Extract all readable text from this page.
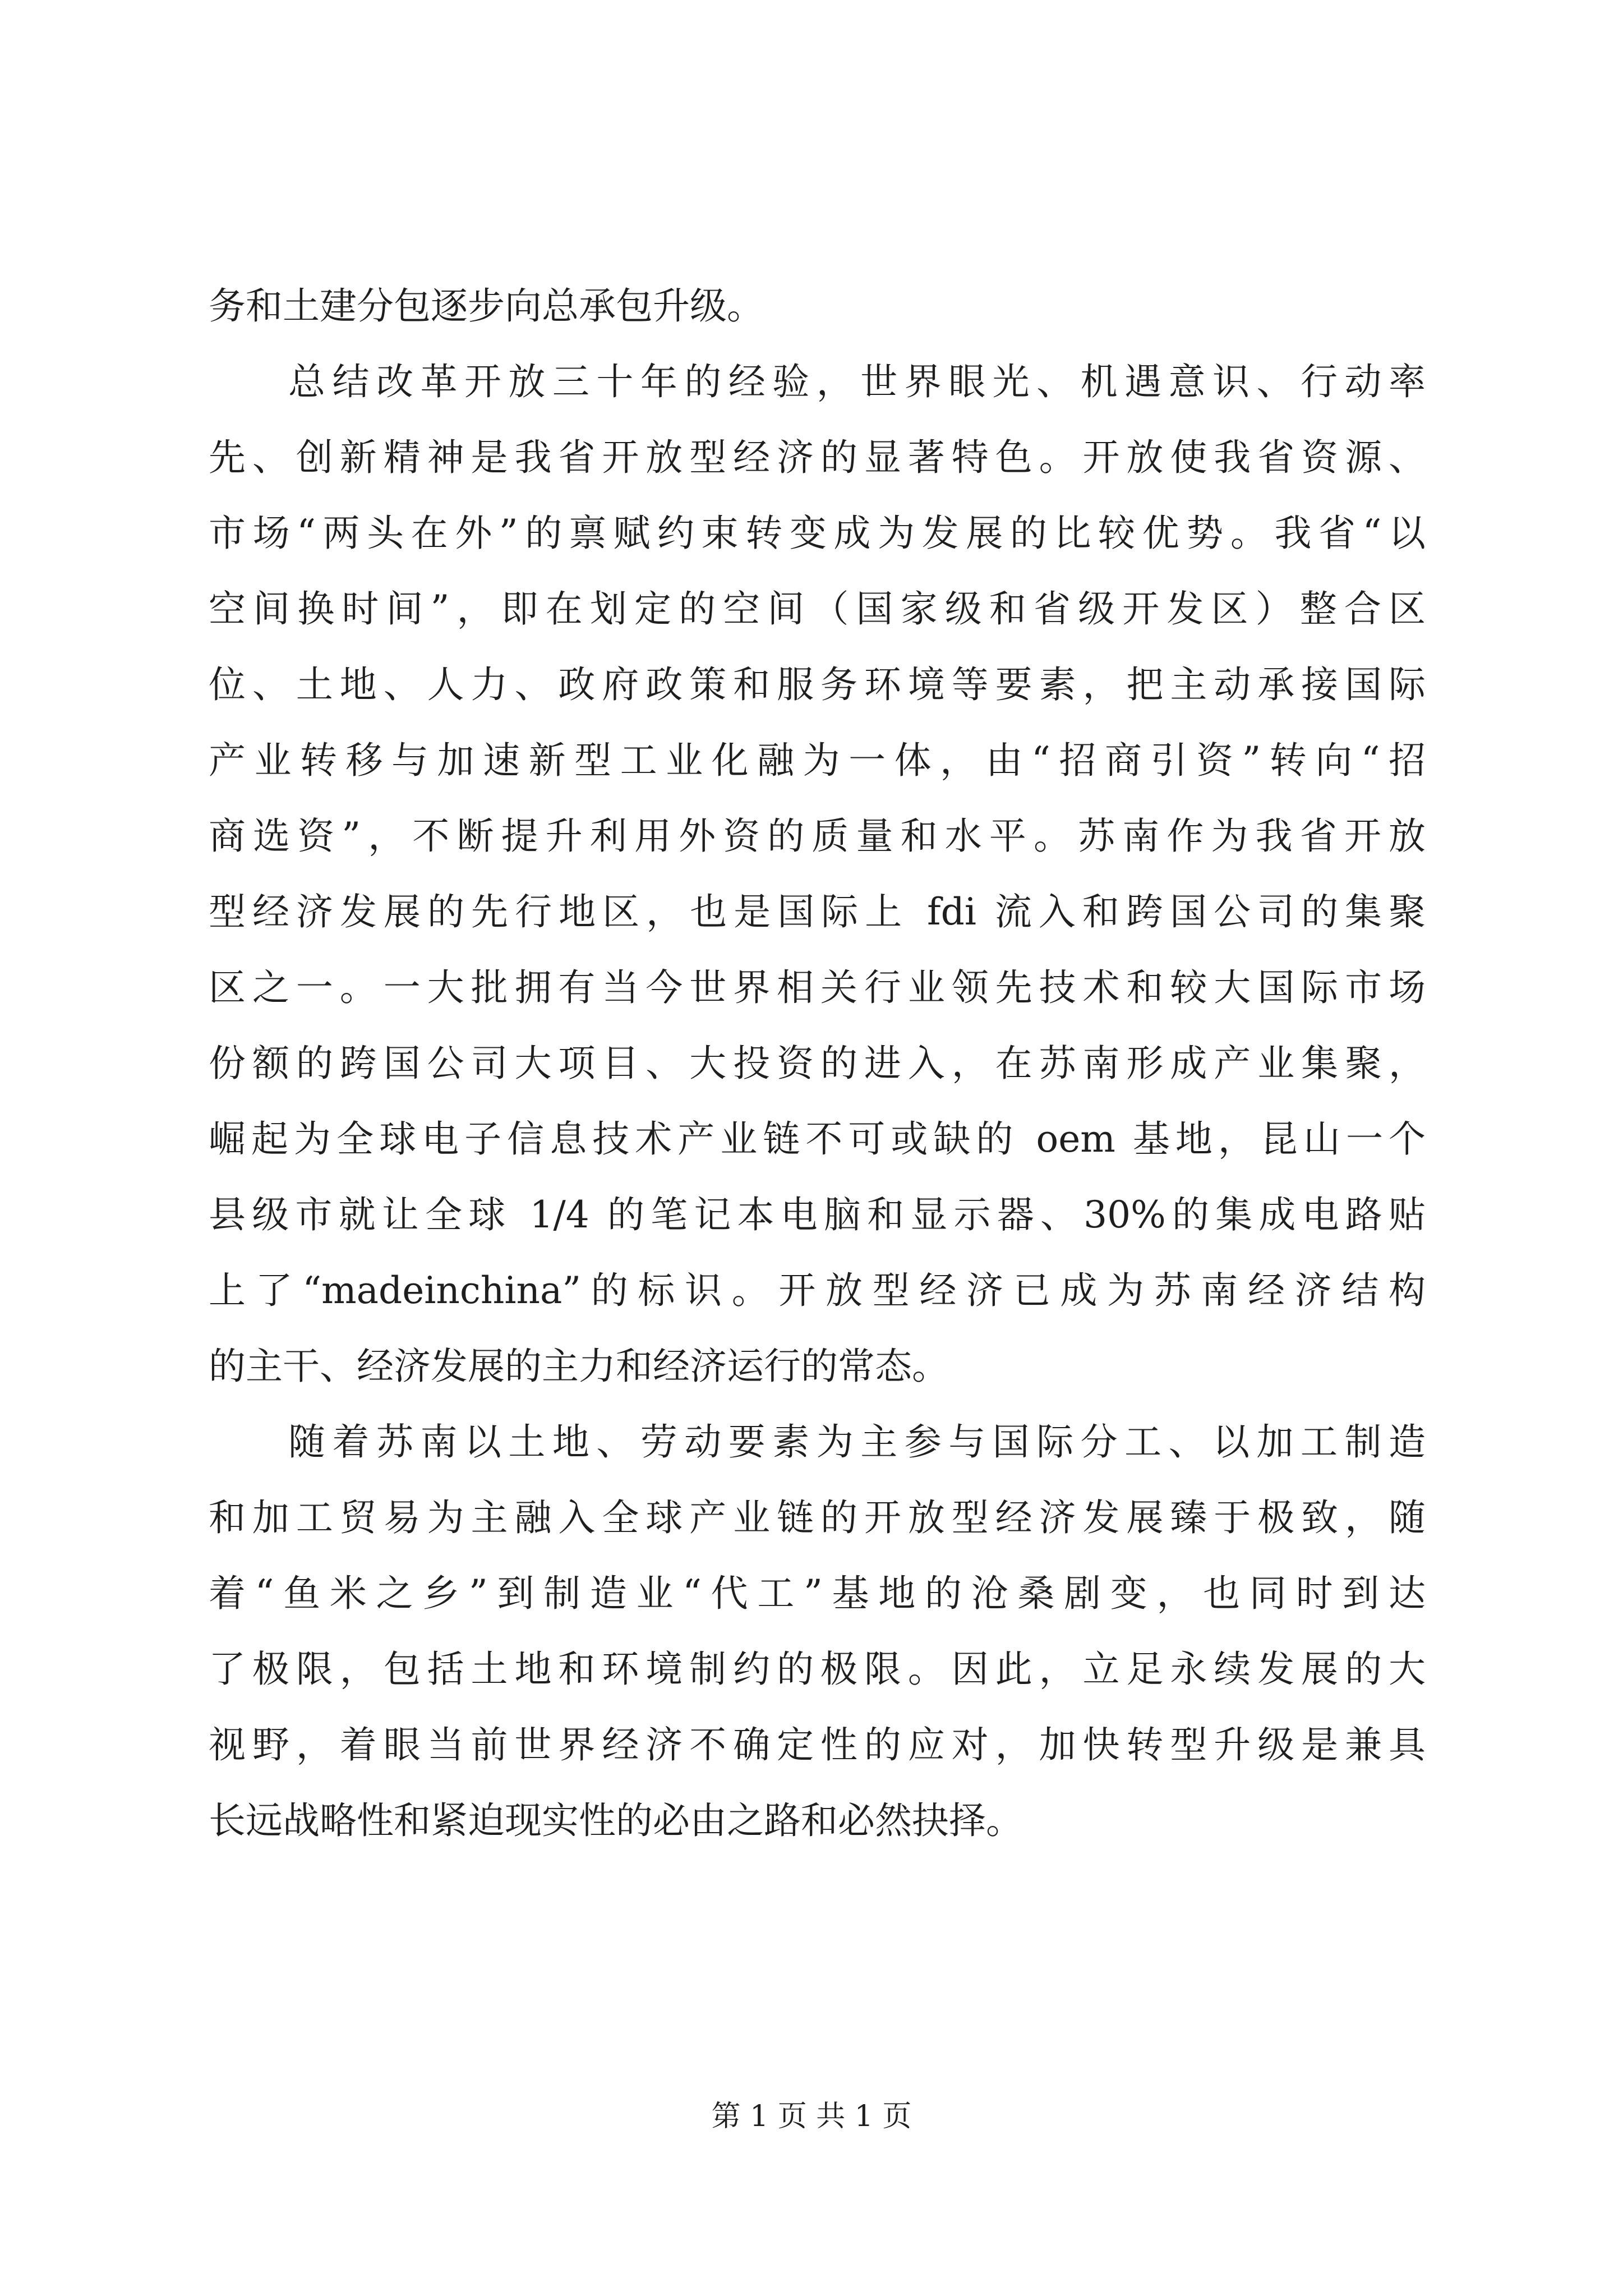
务和土建分包逐步向总承包升级。
总结改革开放三十年的经验，世界眼光、机遇意识、行动率
先、创新精神是我省开放型经济的显著特色。开放使我省资源、
市场“两头在外”的禀赋约束转变成为发展的比较优势。我省“以
空间换时间”，即在划定的空间（国家级和省级开发区）整合区
位、土地、人力、政府政策和服务环境等要素，把主动承接国际
产业转移与加速新型工业化融为一体，由“招商引资”转向“招
商选资”，不断提升利用外资的质量和水平。苏南作为我省开放
型经济发展的先行地区，也是国际上 fdi 流入和跨国公司的集聚
区之一。一大批拥有当今世界相关行业领先技术和较大国际市场
份额的跨国公司大项目、大投资的进入，在苏南形成产业集聚，
崛起为全球电子信息技术产业链不可或缺的 oem 基地，昆山一个
县级市就让全球 1/4 的笔记本电脑和显示器、30%的集成电路贴
上了“madeinchina”的标识。开放型经济已成为苏南经济结构
的主干、经济发展的主力和经济运行的常态。
随着苏南以土地、劳动要素为主参与国际分工、以加工制造
和加工贸易为主融入全球产业链的开放型经济发展臻于极致，随
着“鱼米之乡”到制造业“代工”基地的沧桑剧变，也同时到达
了极限，包括土地和环境制约的极限。因此，立足永续发展的大
视野，着眼当前世界经济不确定性的应对，加快转型升级是兼具
长远战略性和紧迫现实性的必由之路和必然抉择。
第 1 页 共 1 页
